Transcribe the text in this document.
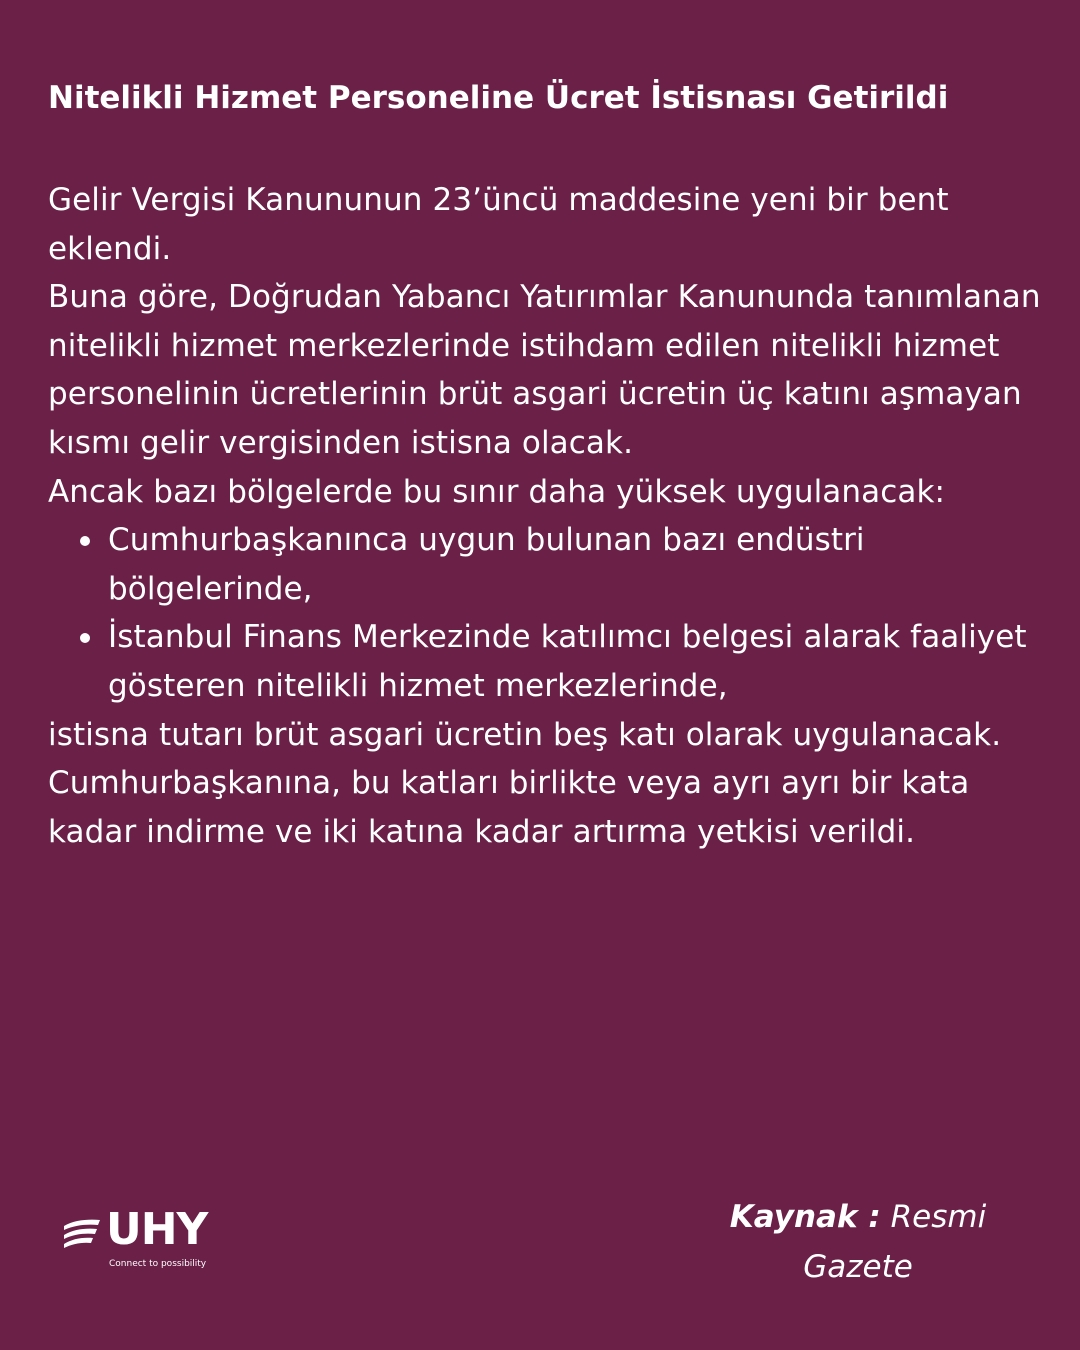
Nitelikli Hizmet Personeline Ücret İstisnası Getirildi

Gelir Vergisi Kanununun 23’üncü maddesine yeni bir bent eklendi.

Buna göre, Doğrudan Yabancı Yatırımlar Kanununda tanımlanan nitelikli hizmet merkezlerinde istihdam edilen nitelikli hizmet personelinin ücretlerinin brüt asgari ücretin üç katını aşmayan kısmı gelir vergisinden istisna olacak.

Ancak bazı bölgelerde bu sınır daha yüksek uygulanacak:

Cumhurbaşkanınca uygun bulunan bazı endüstri bölgelerinde,
İstanbul Finans Merkezinde katılımcı belgesi alarak faaliyet gösteren nitelikli hizmet merkezlerinde,

istisna tutarı brüt asgari ücretin beş katı olarak uygulanacak.

Cumhurbaşkanına, bu katları birlikte veya ayrı ayrı bir kata kadar indirme ve iki katına kadar artırma yetkisi verildi.

UHY
Connect to possibility
Kaynak : Resmi Gazete
